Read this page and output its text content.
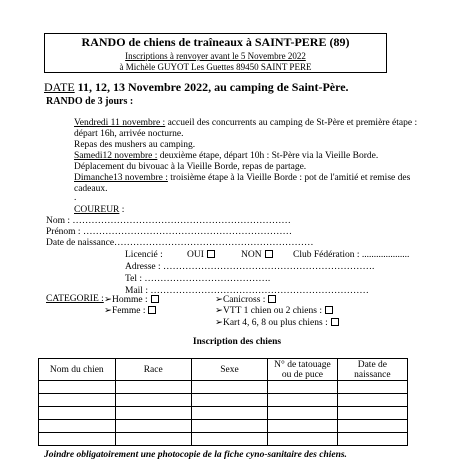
RANDO de chiens de traîneaux à SAINT-PERE (89)
Inscriptions à renvoyer avant le 5 Novembre 2022
à Michèle GUYOT Les Guettes 89450 SAINT PERE
DATE 11, 12, 13 Novembre 2022, au camping de Saint-Père.
RANDO de 3 jours :
Vendredi 11 novembre : accueil des concurrents au camping de St-Père et première étape :
départ 16h, arrivée nocturne.
Repas des mushers au camping.
Samedi12 novembre : deuxième étape, départ 10h : St-Père via la Vieille Borde.
Déplacement du bivouac à la Vieille Borde, repas de partage.
Dimanche13 novembre : troisième étape à la Vieille Borde : pot de l'amitié et remise des
cadeaux.
.
COUREUR :
Nom : ……………………………………………………………
Prénom : …………………………………………………………
Date de naissance………………………………………………………
Licencié :	OUI	NON	Club Fédération : ....................
Adresse : ………………………………………………………….
Tel : ………………………………….
Mail : ……………………………………………………………
CATEGORIE : ➢Homme :
➢Femme :
➢Canicross :
➢VTT 1 chien ou 2 chiens :
➢Kart 4, 6, 8 ou plus chiens :
Inscription des chiens
Nom du chien	Race	Sexe	N° de tatouage ou de puce	Date de naissance

Joindre obligatoirement une photocopie de la fiche cyno-sanitaire des chiens.
